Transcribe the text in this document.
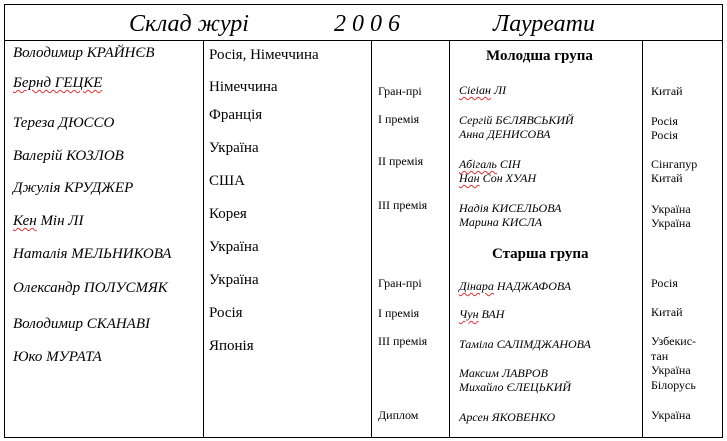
Склад журі	2 0 0 6	Лауреати
Володимир КРАЙНЄВ
Бернд ГЕЦКЕ
Тереза ДЮССО
Валерій КОЗЛОВ
Джулія КРУДЖЕР
Кен Мін ЛІ
Наталія МЕЛЬНИКОВА
Олександр ПОЛУСМЯК
Володимир СКАНАВІ
Юко МУРАТА
Росія, Німеччина
Німеччина
Франція
Україна
США
Корея
Україна
Україна
Росія
Японія
Гран-прі
І премія
ІІ премія
ІІІ премія
Гран-прі
І премія
ІІІ премія
Диплом
Молодша група
Старша група
Сіеіан ЛІ
Сергій БЄЛЯВСЬКИЙ
Анна ДЕНИСОВА
Абігаль СІН
Нан Сон ХУАН
Надія КИСЕЛЬОВА
Марина КИСЛА
Дінара НАДЖАФОВА
Чун ВАН
Таміла САЛІМДЖАНОВА
Максим ЛАВРОВ
Михайло ЄЛЕЦЬКИЙ
Арсен ЯКОВЕНКО
Китай
Росія
Росія
Сінгапур
Китай
Україна
Україна
Росія
Китай
Узбекис-
тан
Україна
Білорусь
Україна
